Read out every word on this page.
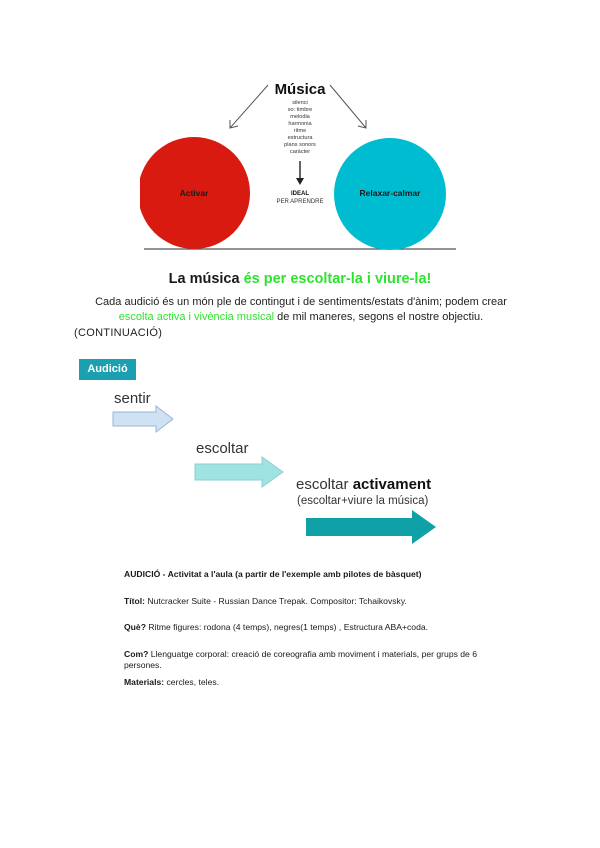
Activar	Relaxar-calmar
Música
silenci
so: timbre
melodia
harmonia
ritme
estructura
plans sonors
caràcter
IDEAL
PER APRENDRE
La música és per escoltar-la i viure-la!
Cada audició és un món ple de contingut i de sentiments/estats d'ànim; podem crear
escolta activa i vivència musical de mil maneres, segons el nostre objectiu.
(CONTINUACIÓ)
Audició
sentir
escoltar
escoltar activament
(escoltar+viure la música)
AUDICIÓ - Activitat a l'aula (a partir de l'exemple amb pilotes de bàsquet)
Títol: Nutcracker Suite - Russian Dance Trepak. Compositor: Tchaikovsky.
Què? Ritme figures: rodona (4 temps), negres(1 temps) , Estructura ABA+coda.
Com? Llenguatge corporal: creació de coreografia amb moviment i materials, per grups de 6 persones.
Materials: cercles, teles.
